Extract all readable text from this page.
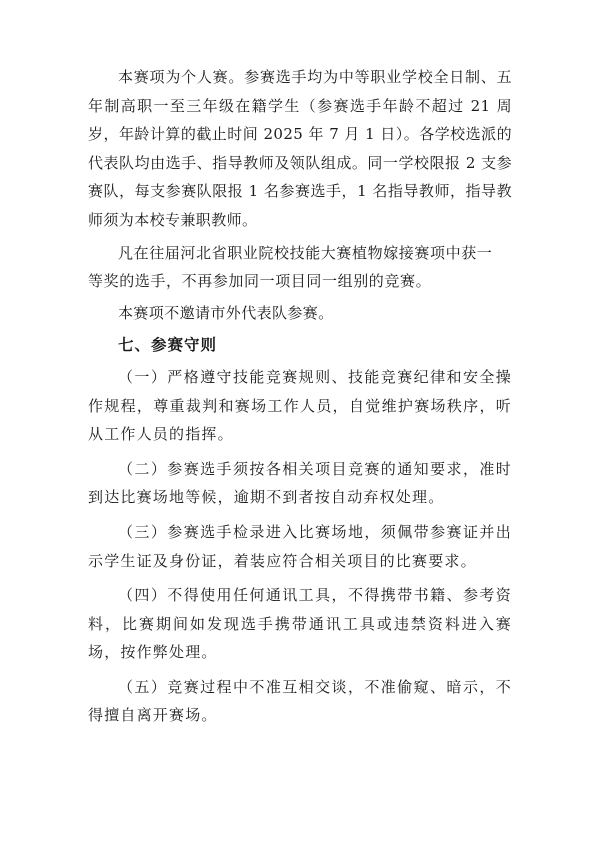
本赛项为个人赛。参赛选手均为中等职业学校全日制、五年制高职一至三年级在籍学生（参赛选手年龄不超过 21 周岁，年龄计算的截止时间 2025 年 7 月 1 日）。各学校选派的代表队均由选手、指导教师及领队组成。同一学校限报 2 支参赛队，每支参赛队限报 1 名参赛选手，1 名指导教师，指导教师须为本校专兼职教师。

凡在往届河北省职业院校技能大赛植物嫁接赛项中获一
等奖的选手，不再参加同一项目同一组别的竞赛。

本赛项不邀请市外代表队参赛。

七、参赛守则

（一）严格遵守技能竞赛规则、技能竞赛纪律和安全操作规程，尊重裁判和赛场工作人员，自觉维护赛场秩序，听从工作人员的指挥。

（二）参赛选手须按各相关项目竞赛的通知要求，准时到达比赛场地等候，逾期不到者按自动弃权处理。

（三）参赛选手检录进入比赛场地，须佩带参赛证并出示学生证及身份证，着装应符合相关项目的比赛要求。

（四）不得使用任何通讯工具，不得携带书籍、参考资料，比赛期间如发现选手携带通讯工具或违禁资料进入赛场，按作弊处理。

（五）竞赛过程中不准互相交谈，不准偷窥、暗示，不得擅自离开赛场。
